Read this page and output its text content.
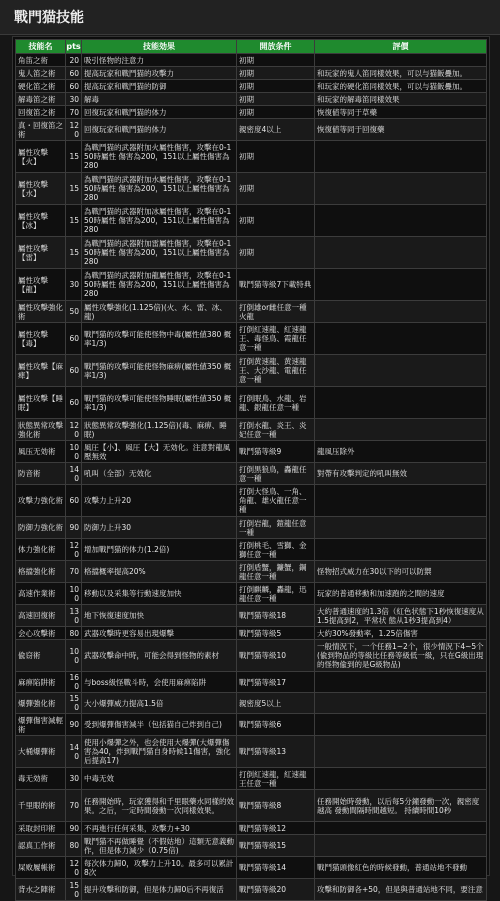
戰門猫技能
技能名	pts	技能効果	開放条件	評價
角笛之術	20	吸引怪物的注意力	初期	
鬼人笛之術	60	提高玩家和戰鬥猫的攻擊力	初期	和玩家的鬼人笛同樣效果，可以与猫飯疊加。
硬化笛之術	60	提高玩家和戰鬥猫的防御	初期	和玩家的硬化笛同樣效果，可以与猫飯疊加。
解毒笛之術	30	解毒	初期	和玩家的解毒笛同樣效果
回復笛之術	70	回復玩家和戰鬥猫的体力	初期	恢復値等同于草藥
真・回復笛之術	120	回復玩家和戰鬥猫的体力	親密度4以上	恢復値等同于回復藥
屬性攻擊【火】	15	為戰鬥猫的武器附加火屬性傷害，攻擊在0-150時屬性 傷害為200，151以上屬性傷害為280	初期	
屬性攻擊【水】	15	為戰鬥猫的武器附加水屬性傷害，攻擊在0-150時屬性 傷害為200，151以上屬性傷害為280	初期	
屬性攻擊【冰】	15	為戰鬥猫的武器附加冰屬性傷害，攻擊在0-150時屬性 傷害為200，151以上屬性傷害為280	初期	
屬性攻擊【雷】	15	為戰鬥猫的武器附加雷屬性傷害，攻擊在0-150時屬性 傷害為200，151以上屬性傷害為280	初期	
屬性攻擊【龍】	30	為戰鬥猫的武器附加龍屬性傷害，攻擊在0-150時屬性 傷害為200，151以上屬性傷害為280	戰鬥猫等級7下載特典	
屬性攻擊強化術	50	屬性攻擊強化(1.125倍)(火、水、雷、冰、龍)	打倒雄or雌任意一種火龍	
屬性攻擊【毒】	60	戰鬥猫的攻擊可能使怪物中毒(屬性値380 概率1/3)	打倒紅速龍、紅速龍王、毒怪鳥、霞龍任意一種	
屬性攻擊【麻痺】	60	戰鬥猫的攻擊可能使怪物麻痹(屬性値350 概率1/3)	打倒黄速龍、黄速龍王、大沙龍、電龍任意一種	
屬性攻擊【睡眠】	60	戰鬥猫的攻擊可能使怪物睡眠(屬性値350 概率1/3)	打倒眠鳥、水龍、岩龍、銀龍任意一種	
狀態異常攻擊強化術	120	狀態異常攻擊強化(1.125倍)(毒、麻痹、睡眠)	打倒水龍、炎王、炎妃任意一種	
風压无効術	100	風圧【小】、風圧【大】无効化。注意對龍風壓無效	戰鬥猫等級9	龍風压除外
防音術	140	吼叫（全部）无效化	打倒黒狼鳥，轟龍任意一種	對帶有攻擊判定的吼叫無效
攻擊力強化術	60	攻擊力上升20	打倒大怪鳥、一角、角龍、雄火龍任意一種	
防御力強化術	90	防御力上升30	打倒岩龍，鎧龍任意一種	
体力強化術	120	增加戰鬥猫的体力(1.2倍)	打倒桃毛、雪獅、金獅任意一種	
格擋強化術	70	格擋概率提高20%	打倒盾蟹，鐮蟹，鋼龍任意一種	怪物招式威力在30以下的可以防禦
高速作業術	100	移動以及采集等行動速度加快	打倒麒麟，轟龍，迅龍任意一種	玩家的普通移動和加速跑的之間的速度
高速回復術	130	地下恢復速度加快	戰鬥猫等級18	大約普通速度的1.3倍（紅色状態下1秒恢復速度从1.5提高到2，平常状 態从1秒3提高到4）
会心攻擊術	80	武器攻擊時更容易出現爆擊	戰鬥猫等級5	大約30%發動率，1.25倍傷害
偸窃術	100	武器攻擊命中時，可能会得到怪物的素材	戰鬥猫等級10	一般情況下，一个任務1~2个，很少情況下4~5个(偸到物品的等級比任務等級低一級，只在G級出現的怪物偸到的是G級物品)
麻痹陷阱術	160	与boss級怪戰斗時，会使用麻痹陷阱	戰鬥猫等級17	
爆彈強化術	150	大小爆彈威力提高1.5倍	親密度5以上	
爆彈傷害減輕術	90	受到爆彈傷害減半（包括猫自己炸到自己)	戰鬥猫等級6	
大桶爆彈術	140	使用小爆彈之外，也会使用大爆彈(大爆彈傷害為40，炸到戰鬥猫自身時候11傷害，強化后提高17)	戰鬥猫等級13	
毒无効術	30	中毒无效	打倒紅速龍，紅速龍王任意一種	
千里眼的術	70	任務開始時，玩家獲得和千里眼藥水同樣的效果。之后，一定時間發動一次同樣效果。	戰鬥猫等級8	任務開始時發動，以后每5分鐘發動一次，親密度越高 發動間隔時間越短。 持續時間10秒
采取封印術	90	不再進行任何采集，攻擊力+30	戰鬥猫等級12	
認真工作術	80	戰鬥猫不再做睡覺（不假姑地）這類无意義動作，但是体力減少（0.75倍)	戰鬥猫等級15	
屎败履帳術	120	每次体力歸0，攻擊力上升10。最多可以累計8次	戰鬥猫等級14	戰鬥猫頭像紅色的時候發動，普通站地不發動
背水之陣術	150	提升攻擊和防御，但是体力歸0后不再復活	戰鬥猫等級20	攻擊和防御各+50，但是與普通站地不同，要注意
